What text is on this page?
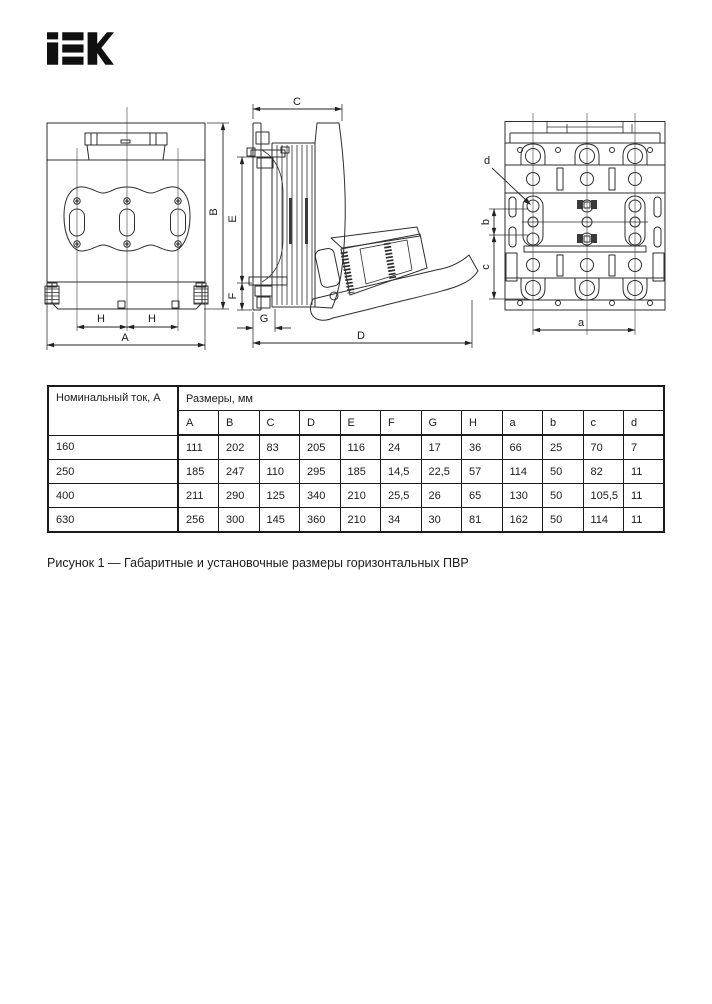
B
A
H	H
C
E
F
G
D
b
c
d
a
Номинальный ток, А	Размеры, мм											
	A	B	C	D	E	F	G	H	a	b	c	d
160	111	202	83	205	116	24	17	36	66	25	70	7
250	185	247	110	295	185	14,5	22,5	57	114	50	82	11
400	211	290	125	340	210	25,5	26	65	130	50	105,5	11
630	256	300	145	360	210	34	30	81	162	50	114	11
Рисунок 1 — Габаритные и установочные размеры горизонтальных ПВР
